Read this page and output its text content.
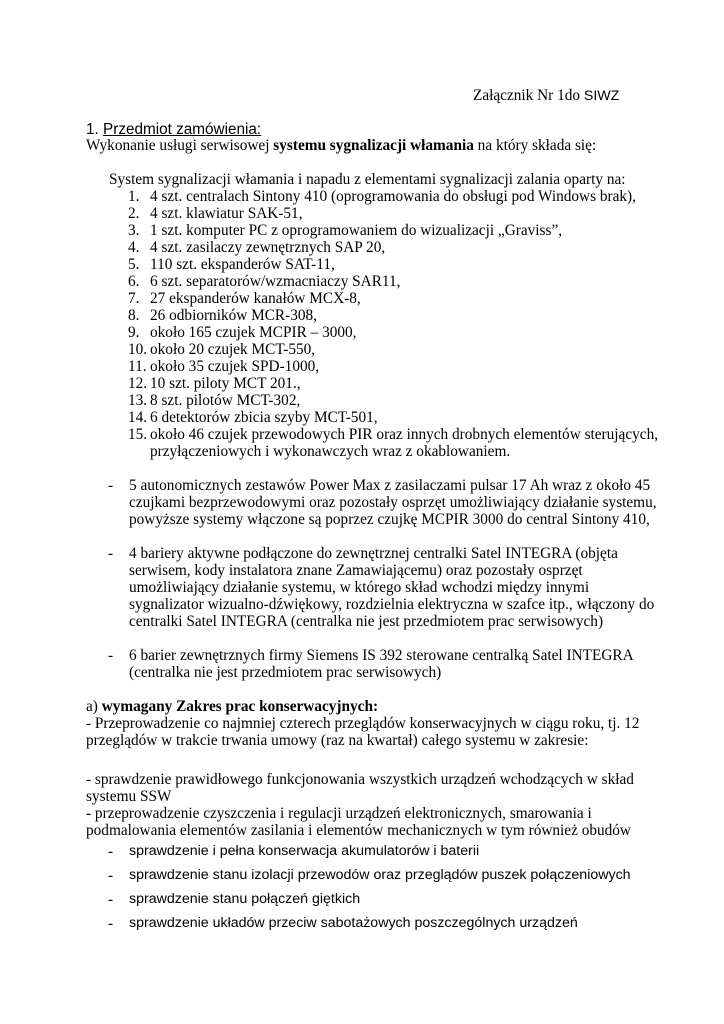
Załącznik Nr 1do SIWZ
1. Przedmiot zamówienia:
Wykonanie usługi serwisowej systemu sygnalizacji włamania na który składa się:
System sygnalizacji włamania i napadu z elementami sygnalizacji zalania oparty na:
1. 4 szt. centralach Sintony 410 (oprogramowania do obsługi pod Windows brak),
2. 4 szt. klawiatur SAK-51,
3. 1 szt. komputer PC z oprogramowaniem do wizualizacji „Graviss”,
4. 4 szt. zasilaczy zewnętrznych SAP 20,
5. 110 szt. ekspanderów SAT-11,
6. 6 szt. separatorów/wzmacniaczy SAR11,
7. 27 ekspanderów kanałów MCX-8,
8. 26 odbiorników MCR-308,
9. około 165 czujek MCPIR – 3000,
10. około 20 czujek MCT-550,
11. około 35 czujek SPD-1000,
12. 10 szt. piloty MCT 201.,
13. 8 szt. pilotów MCT-302,
14. 6 detektorów zbicia szyby MCT-501,
15. około 46 czujek przewodowych PIR oraz innych drobnych elementów sterujących,
przyłączeniowych i wykonawczych wraz z okablowaniem.
- 5 autonomicznych zestawów Power Max z zasilaczami pulsar 17 Ah wraz z około 45
czujkami bezprzewodowymi oraz pozostały osprzęt umożliwiający działanie systemu,
powyższe systemy włączone są poprzez czujkę MCPIR 3000 do central Sintony 410,
- 4 bariery aktywne podłączone do zewnętrznej centralki Satel INTEGRA (objęta
serwisem, kody instalatora znane Zamawiającemu) oraz pozostały osprzęt
umożliwiający działanie systemu, w którego skład wchodzi między innymi
sygnalizator wizualno-dźwiękowy, rozdzielnia elektryczna w szafce itp., włączony do
centralki Satel INTEGRA (centralka nie jest przedmiotem prac serwisowych)
- 6 barier zewnętrznych firmy Siemens IS 392 sterowane centralką Satel INTEGRA
(centralka nie jest przedmiotem prac serwisowych)
a) wymagany Zakres prac konserwacyjnych:
- Przeprowadzenie co najmniej czterech przeglądów konserwacyjnych w ciągu roku, tj. 12
przeglądów w trakcie trwania umowy (raz na kwartał) całego systemu w zakresie:
- sprawdzenie prawidłowego funkcjonowania wszystkich urządzeń wchodzących w skład
systemu SSW
- przeprowadzenie czyszczenia i regulacji urządzeń elektronicznych, smarowania i
podmalowania elementów zasilania i elementów mechanicznych w tym również obudów
- sprawdzenie i pełna konserwacja akumulatorów i baterii
- sprawdzenie stanu izolacji przewodów oraz przeglądów puszek połączeniowych
- sprawdzenie stanu połączeń giętkich
- sprawdzenie układów przeciw sabotażowych poszczególnych urządzeń
